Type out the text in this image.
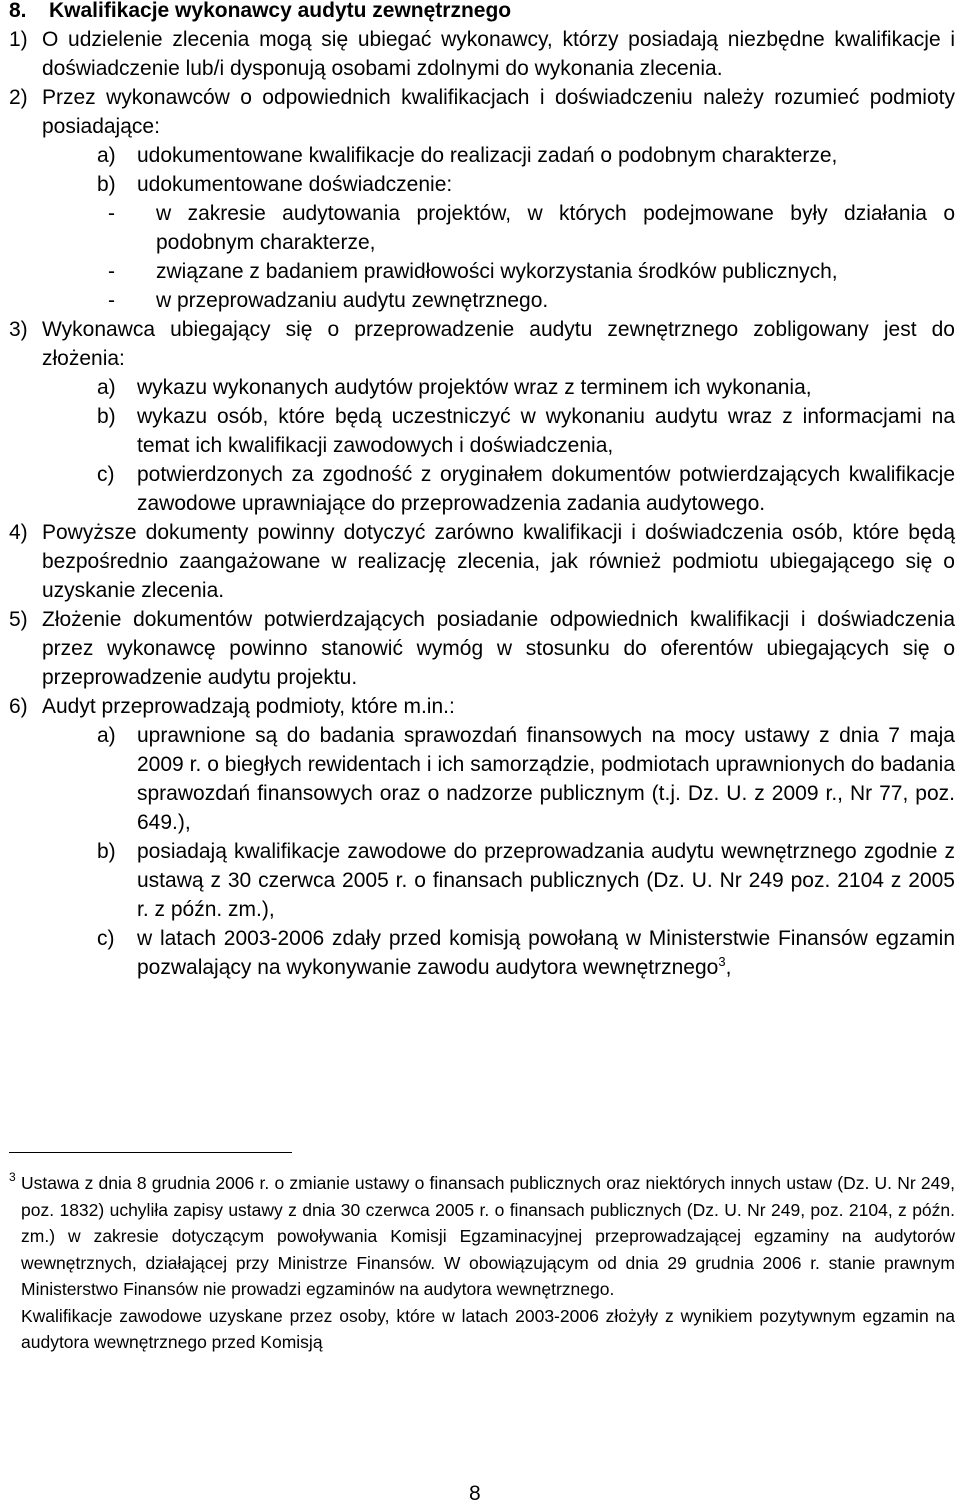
8. Kwalifikacje wykonawcy audytu zewnętrznego
1) O udzielenie zlecenia mogą się ubiegać wykonawcy, którzy posiadają niezbędne kwalifikacje i doświadczenie lub/i dysponują osobami zdolnymi do wykonania zlecenia.
2) Przez wykonawców o odpowiednich kwalifikacjach i doświadczeniu należy rozumieć podmioty posiadające:
a)	udokumentowane kwalifikacje do realizacji zadań o podobnym charakterze,
b)	udokumentowane doświadczenie:
-	w zakresie audytowania projektów, w których podejmowane były działania o podobnym charakterze,
-	związane z badaniem prawidłowości wykorzystania środków publicznych,
-	w przeprowadzaniu audytu zewnętrznego.
3) Wykonawca ubiegający się o przeprowadzenie audytu zewnętrznego zobligowany jest do złożenia:
a)	wykazu wykonanych audytów projektów wraz z terminem ich wykonania,
b)	wykazu osób, które będą uczestniczyć w wykonaniu audytu wraz z informacjami na temat ich kwalifikacji zawodowych i doświadczenia,
c)	potwierdzonych za zgodność z oryginałem dokumentów potwierdzających kwalifikacje zawodowe uprawniające do przeprowadzenia zadania audytowego.
4) Powyższe dokumenty powinny dotyczyć zarówno kwalifikacji i doświadczenia osób, które będą bezpośrednio zaangażowane w realizację zlecenia, jak również podmiotu ubiegającego się o uzyskanie zlecenia.
5) Złożenie dokumentów potwierdzających posiadanie odpowiednich kwalifikacji i doświadczenia przez wykonawcę powinno stanowić wymóg w stosunku do oferentów ubiegających się o przeprowadzenie audytu projektu.
6) Audyt przeprowadzają podmioty, które m.in.:
a)	uprawnione są do badania sprawozdań finansowych na mocy ustawy z dnia 7 maja 2009 r. o biegłych rewidentach i ich samorządzie, podmiotach uprawnionych do badania sprawozdań finansowych oraz o nadzorze publicznym (t.j. Dz. U. z 2009 r., Nr 77, poz. 649.),
b)	posiadają kwalifikacje zawodowe do przeprowadzania audytu wewnętrznego zgodnie z ustawą z 30 czerwca 2005 r. o finansach publicznych (Dz. U. Nr 249 poz. 2104 z 2005 r. z późn. zm.),
c)	w latach 2003-2006 zdały przed komisją powołaną w Ministerstwie Finansów egzamin pozwalający na wykonywanie zawodu audytora wewnętrznego$^3$,
3 Ustawa z dnia 8 grudnia 2006 r. o zmianie ustawy o finansach publicznych oraz niektórych innych ustaw (Dz. U. Nr 249, poz. 1832) uchyliła zapisy ustawy z dnia 30 czerwca 2005 r. o finansach publicznych (Dz. U. Nr 249, poz. 2104, z późn. zm.) w zakresie dotyczącym powoływania Komisji Egzaminacyjnej przeprowadzającej egzaminy na audytorów wewnętrznych, działającej przy Ministrze Finansów. W obowiązującym od dnia 29 grudnia 2006 r. stanie prawnym Ministerstwo Finansów nie prowadzi egzaminów na audytora wewnętrznego.
Kwalifikacje zawodowe uzyskane przez osoby, które w latach 2003-2006 złożyły z wynikiem pozytywnym egzamin na audytora wewnętrznego przed Komisją
8
